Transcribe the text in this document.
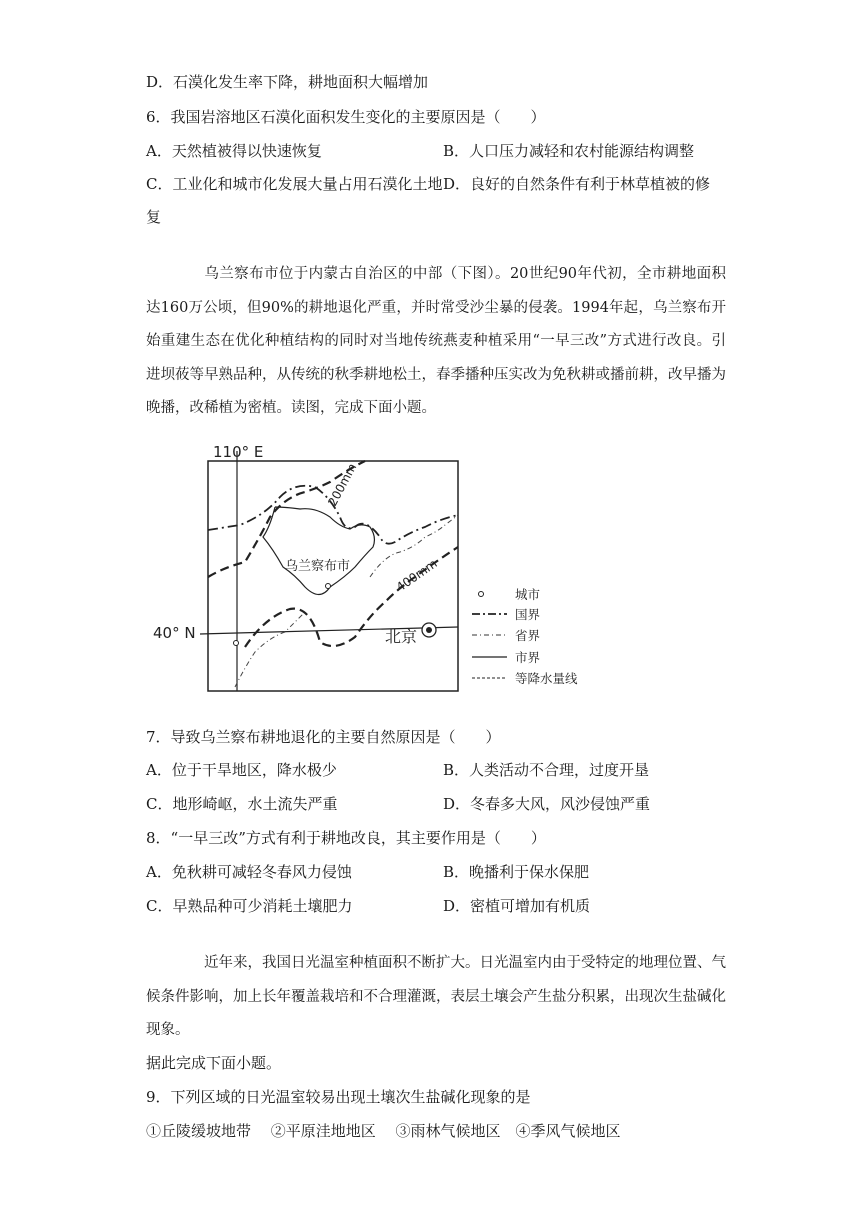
D．石漠化发生率下降，耕地面积大幅增加
6．我国岩溶地区石漠化面积发生变化的主要原因是（　　）
A．天然植被得以快速恢复	B．人口压力减轻和农村能源结构调整
C．工业化和城市化发展大量占用石漠化土地 D．良好的自然条件有利于林草植被的修
复
乌兰察布市位于内蒙古自治区的中部（下图）。20世纪90年代初，全市耕地面积达160万公顷，但90%的耕地退化严重，并时常受沙尘暴的侵袭。1994年起，乌兰察布开始重建生态在优化种植结构的同时对当地传统燕麦种植采用“一早三改”方式进行改良。引进坝莜等早熟品种，从传统的秋季耕地松土，春季播种压实改为免秋耕或播前耕，改早播为晚播，改稀植为密植。读图，完成下面小题。
110° E
40° N
200mm
400mm
乌兰察布市
北京
城市
国界
省界
市界
等降水量线
7．导致乌兰察布耕地退化的主要自然原因是（　　）
A．位于干旱地区，降水极少	B．人类活动不合理，过度开垦
C．地形崎岖，水土流失严重	D．冬春多大风，风沙侵蚀严重
8．“一早三改”方式有利于耕地改良，其主要作用是（　　）
A．免秋耕可减轻冬春风力侵蚀	B．晚播利于保水保肥
C．早熟品种可少消耗土壤肥力	D．密植可增加有机质
近年来，我国日光温室种植面积不断扩大。日光温室内由于受特定的地理位置、气候条件影响，加上长年覆盖栽培和不合理灌溉，表层土壤会产生盐分积累，出现次生盐碱化现象。
据此完成下面小题。
9．下列区域的日光温室较易出现土壤次生盐碱化现象的是
①丘陵缓坡地带　 ②平原洼地地区　 ③雨林气候地区　④季风气候地区
